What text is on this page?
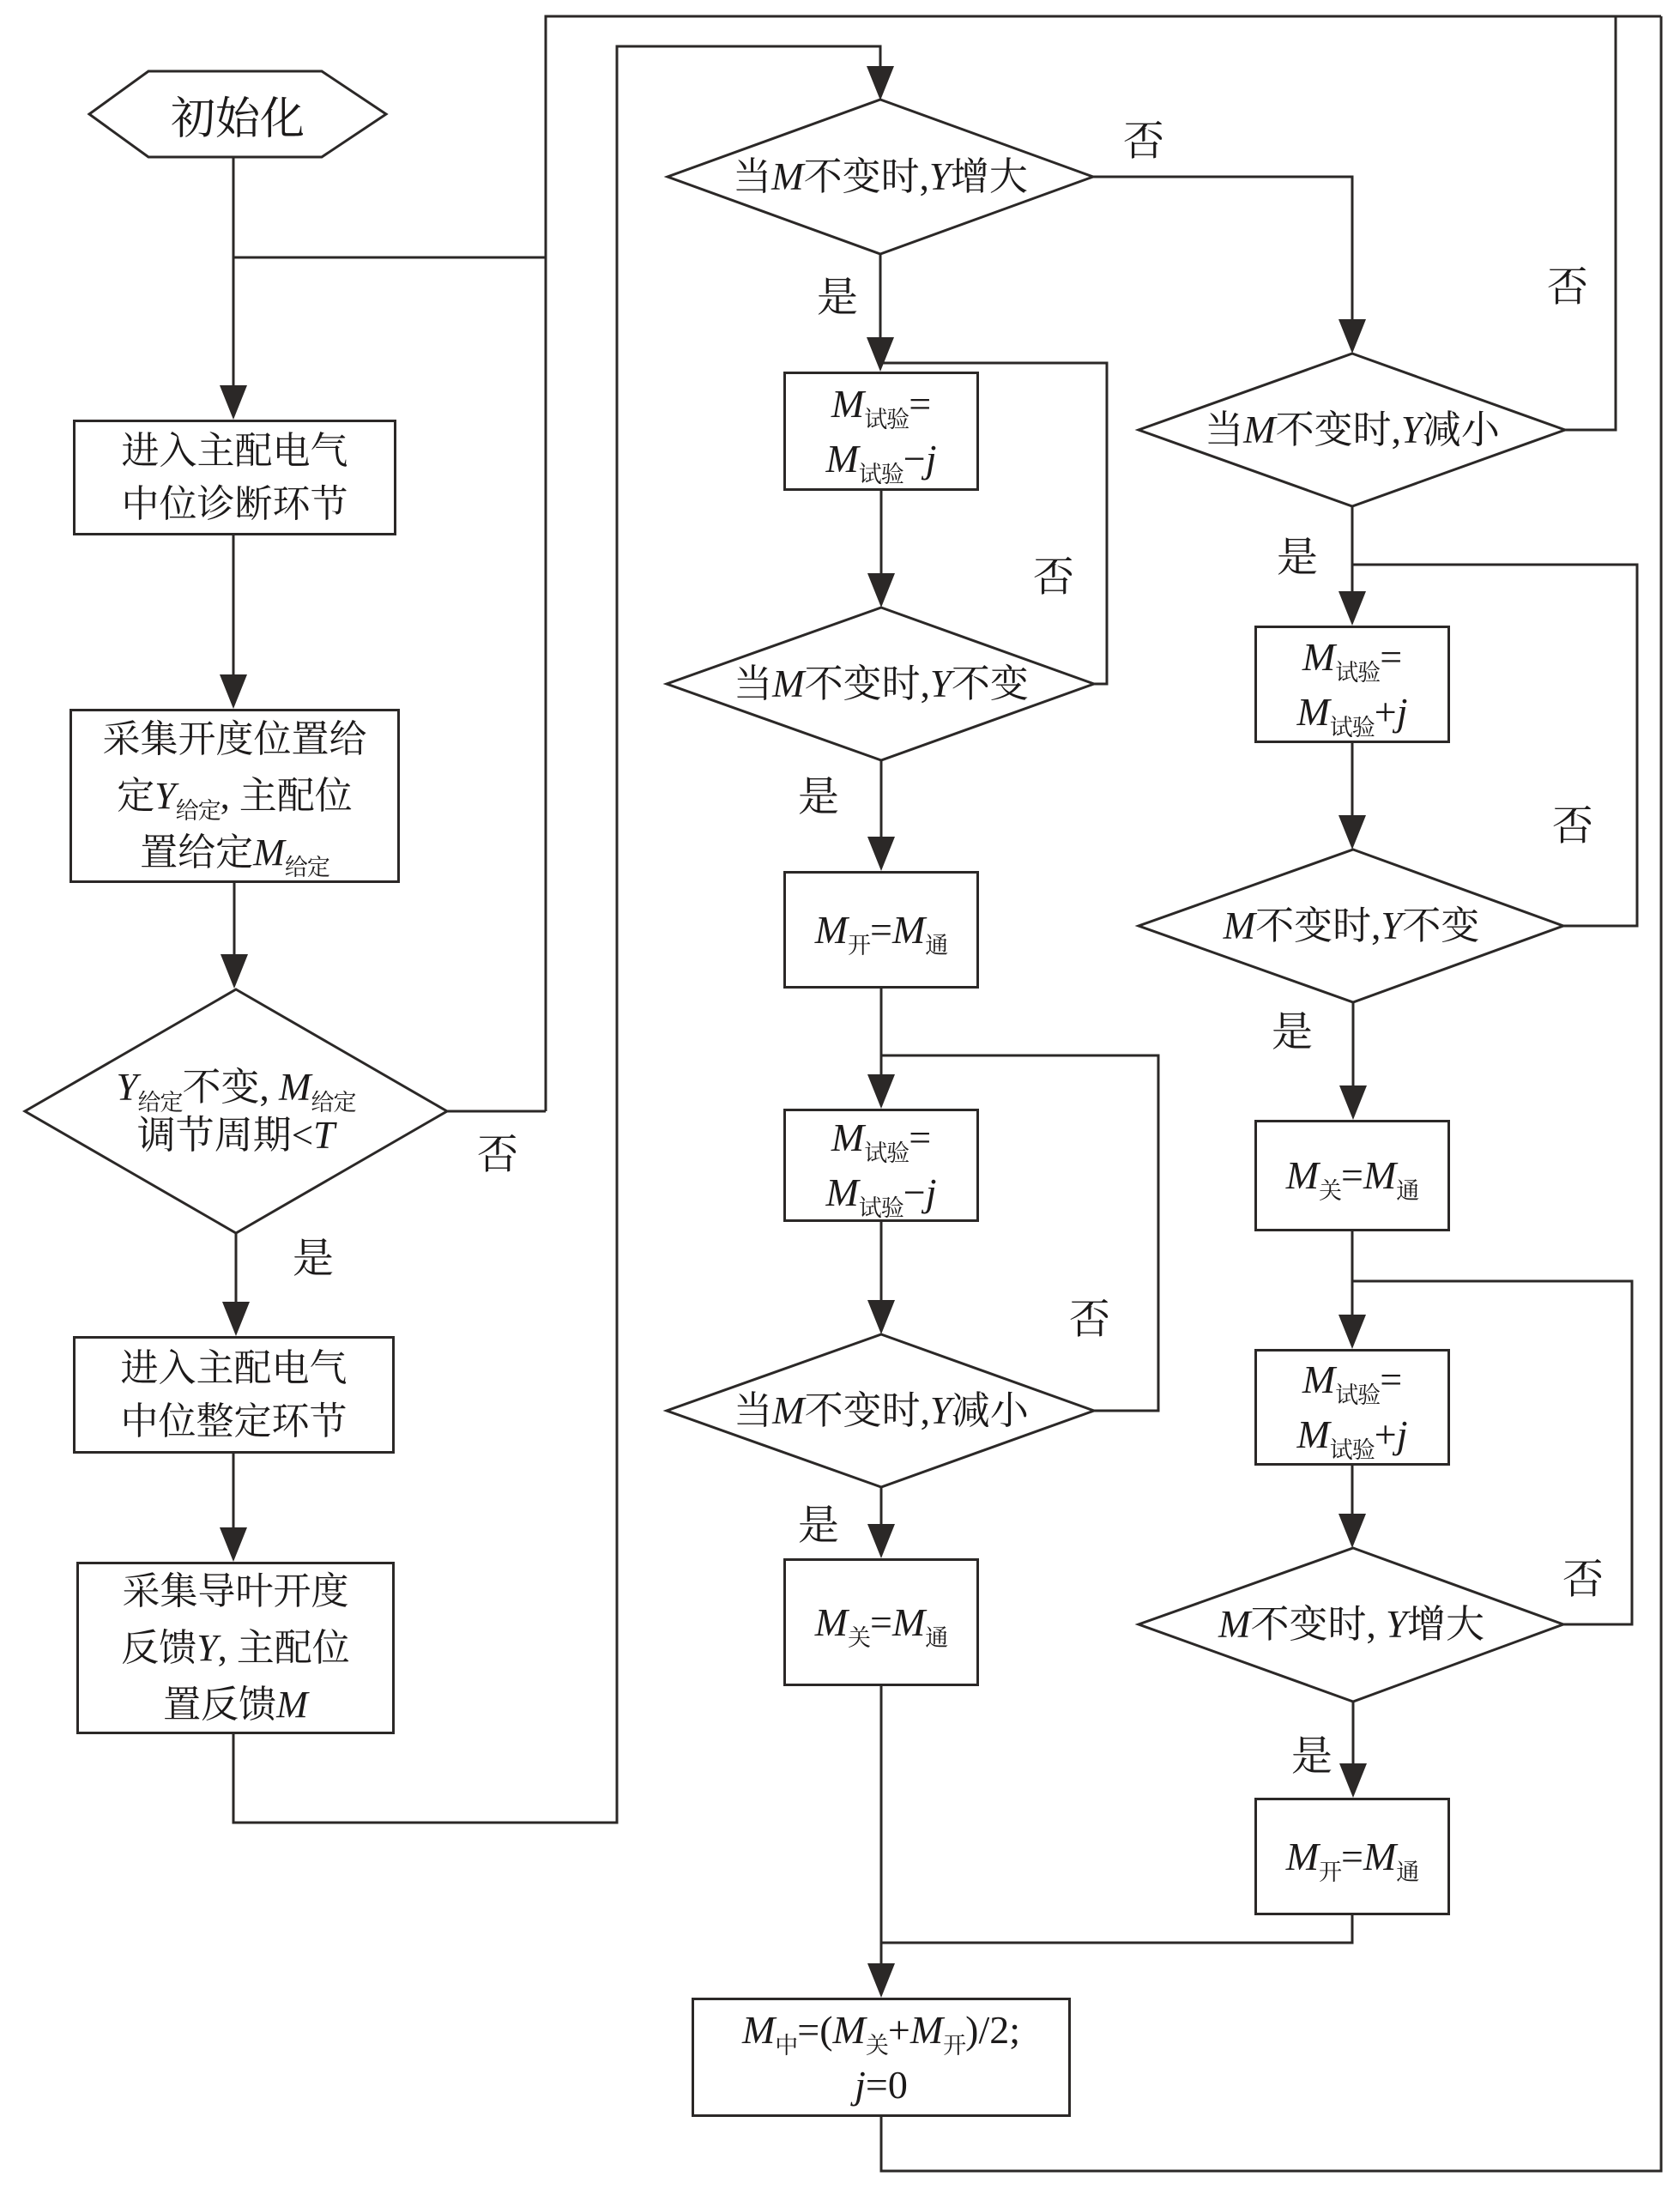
初始化
进入主配电气
中位诊断环节
采集开度位置给
定$Y_{给定}$, 主配位
置给定$M_{给定}$
$Y_{给定}$不变, $M_{给定}$
调节周期<T
进入主配电气
中位整定环节
采集导叶开度
反馈Y, 主配位
置反馈M
当M不变时,Y增大
$M_{试验}=$
$M_{试验}-j$
当M不变时,Y不变
$M_开=M_通$
$M_{试验}=$
$M_{试验}-j$
当M不变时,Y减小
$M_关=M_通$
$M_中=(M_关+M_开)/2$;
j=0
当M不变时,Y减小
$M_{试验}=$
$M_{试验}+j$
M不变时,Y不变
$M_关=M_通$
$M_{试验}=$
$M_{试验}+j$
M不变时, Y增大
$M_开=M_通$
是
否
是
否
是
否
是
否
是
否
是
否
是
否
